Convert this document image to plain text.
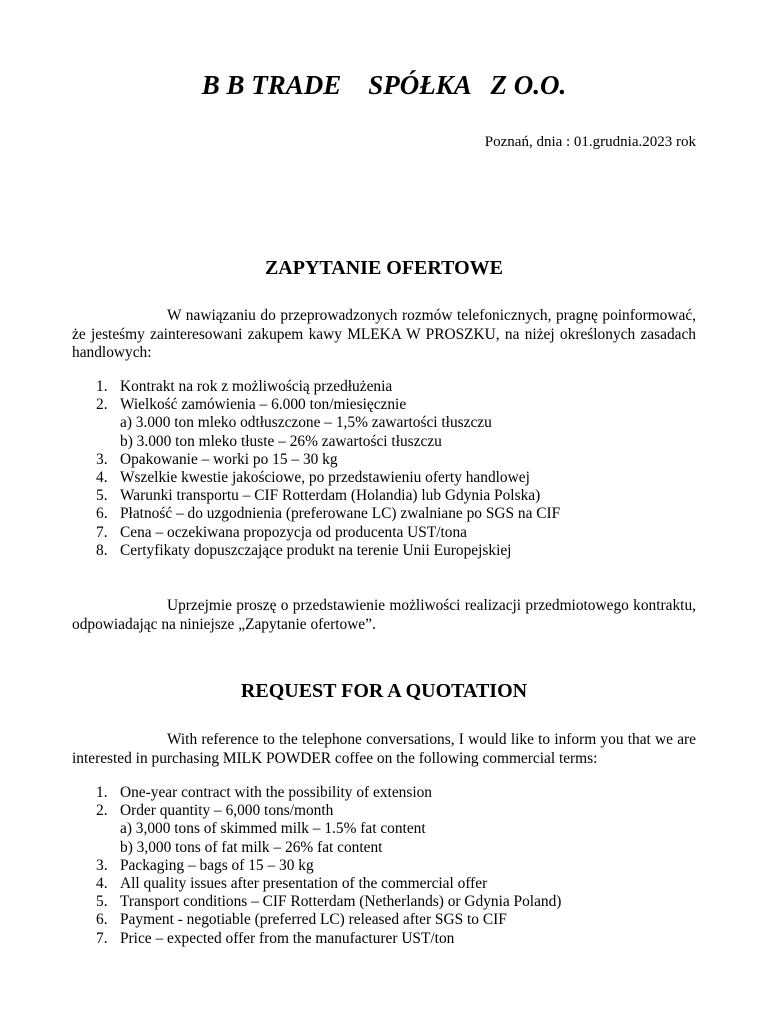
B B TRADE    SPÓŁKA   Z O.O.
Poznań, dnia : 01.grudnia.2023 rok
ZAPYTANIE OFERTOWE
W nawiązaniu do przeprowadzonych rozmów telefonicznych, pragnę poinformować, że jesteśmy zainteresowani zakupem kawy MLEKA W PROSZKU, na niżej określonych zasadach handlowych:
1. Kontrakt na rok z możliwością przedłużenia
2. Wielkość zamówienia – 6.000 ton/miesięcznie
a) 3.000 ton mleko odtłuszczone – 1,5% zawartości tłuszczu
b) 3.000 ton mleko tłuste – 26% zawartości tłuszczu
3. Opakowanie – worki po 15 – 30 kg
4. Wszelkie kwestie jakościowe, po przedstawieniu oferty handlowej
5. Warunki transportu – CIF Rotterdam (Holandia) lub Gdynia Polska)
6. Płatność – do uzgodnienia (preferowane LC) zwalniane po SGS na CIF
7. Cena – oczekiwana propozycja od producenta UST/tona
8. Certyfikaty dopuszczające produkt na terenie Unii Europejskiej
Uprzejmie proszę o przedstawienie możliwości realizacji przedmiotowego kontraktu, odpowiadając na niniejsze „Zapytanie ofertowe”.
REQUEST FOR A QUOTATION
With reference to the telephone conversations, I would like to inform you that we are interested in purchasing MILK POWDER coffee on the following commercial terms:
1. One-year contract with the possibility of extension
2. Order quantity – 6,000 tons/month
a) 3,000 tons of skimmed milk – 1.5% fat content
b) 3,000 tons of fat milk – 26% fat content
3. Packaging – bags of 15 – 30 kg
4. All quality issues after presentation of the commercial offer
5. Transport conditions – CIF Rotterdam (Netherlands) or Gdynia Poland)
6. Payment - negotiable (preferred LC) released after SGS to CIF
7. Price – expected offer from the manufacturer UST/ton
